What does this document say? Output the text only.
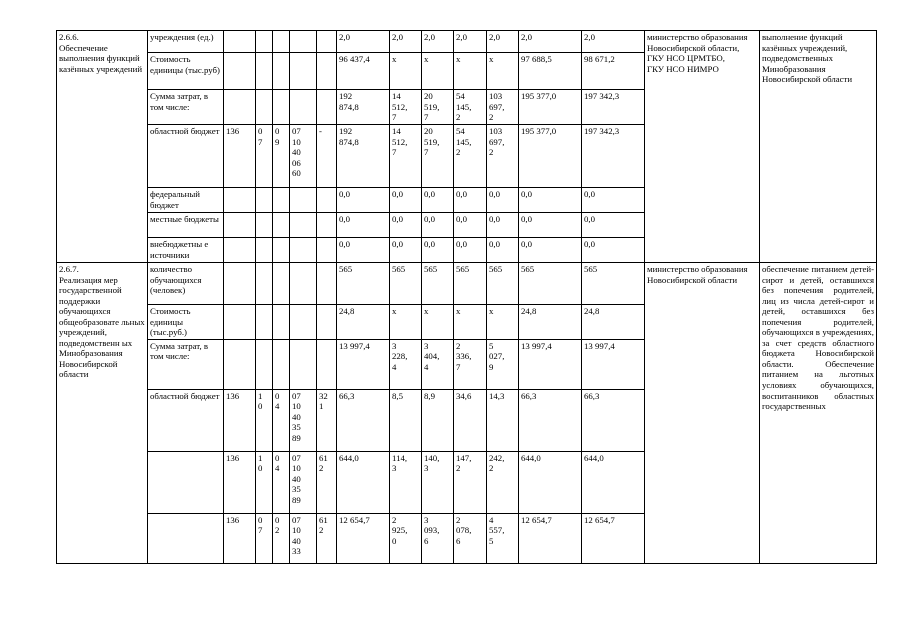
2.6.6.
Обеспечение выполнения функций казённых учреждений	учреждения (ед.)						2,0	2,0	2,0	2,0	2,0	2,0	2,0	министерство образования Новосибирской области,
ГКУ НСО ЦРМТБО,
ГКУ НСО НИМРО	выполнение функций казённых учреждений, подведомственных Минобразования Новосибирской области
	Стоимость единицы (тыс.руб)						96 437,4	x	x	x	x	97 688,5	98 671,2		
	Сумма затрат, в том числе:						192
874,8	14
512,
7	20
519,
7	54
145,
2	103
697,
2	195 377,0	197 342,3		
	областной бюджет	136	0
7	0
9	07
10
40
06
60	-	192
874,8	14
512,
7	20
519,
7	54
145,
2	103
697,
2	195 377,0	197 342,3		
	федеральный бюджет						0,0	0,0	0,0	0,0	0,0	0,0	0,0		
	местные бюджеты						0,0	0,0	0,0	0,0	0,0	0,0	0,0		
	внебюджетны е источники						0,0	0,0	0,0	0,0	0,0	0,0	0,0		
2.6.7.
Реализация мер государственной поддержки обучающихся общеобразовате льных учреждений, подведомственн ых Минобразования Новосибирской области	количество обучающихся (человек)						565	565	565	565	565	565	565	министерство образования Новосибирской области	обеспечение питанием детей-сирот и детей, оставшихся без попечения родителей, лиц из числа детей-сирот и детей, оставшихся без попечения родителей, обучающихся в учреждениях, за счет средств областного бюджета Новосибирской области. Обеспечение питанием на льготных условиях обучающихся, воспитанников областных государственных
	Стоимость единицы (тыс.руб.)						24,8	x	x	x	x	24,8	24,8		
	Сумма затрат, в том числе:						13 997,4	3
228,
4	3
404,
4	2
336,
7	5
027,
9	13 997,4	13 997,4		
	областной бюджет	136	1
0	0
4	07
10
40
35
89	32
1	66,3	8,5	8,9	34,6	14,3	66,3	66,3		
		136	1
0	0
4	07
10
40
35
89	61
2	644,0	114,
3	140,
3	147,
2	242,
2	644,0	644,0		
		136	0
7	0
2	07
10
40
33	61
2	12 654,7	2
925,
0	3
093,
6	2
078,
6	4
557,
5	12 654,7	12 654,7		
